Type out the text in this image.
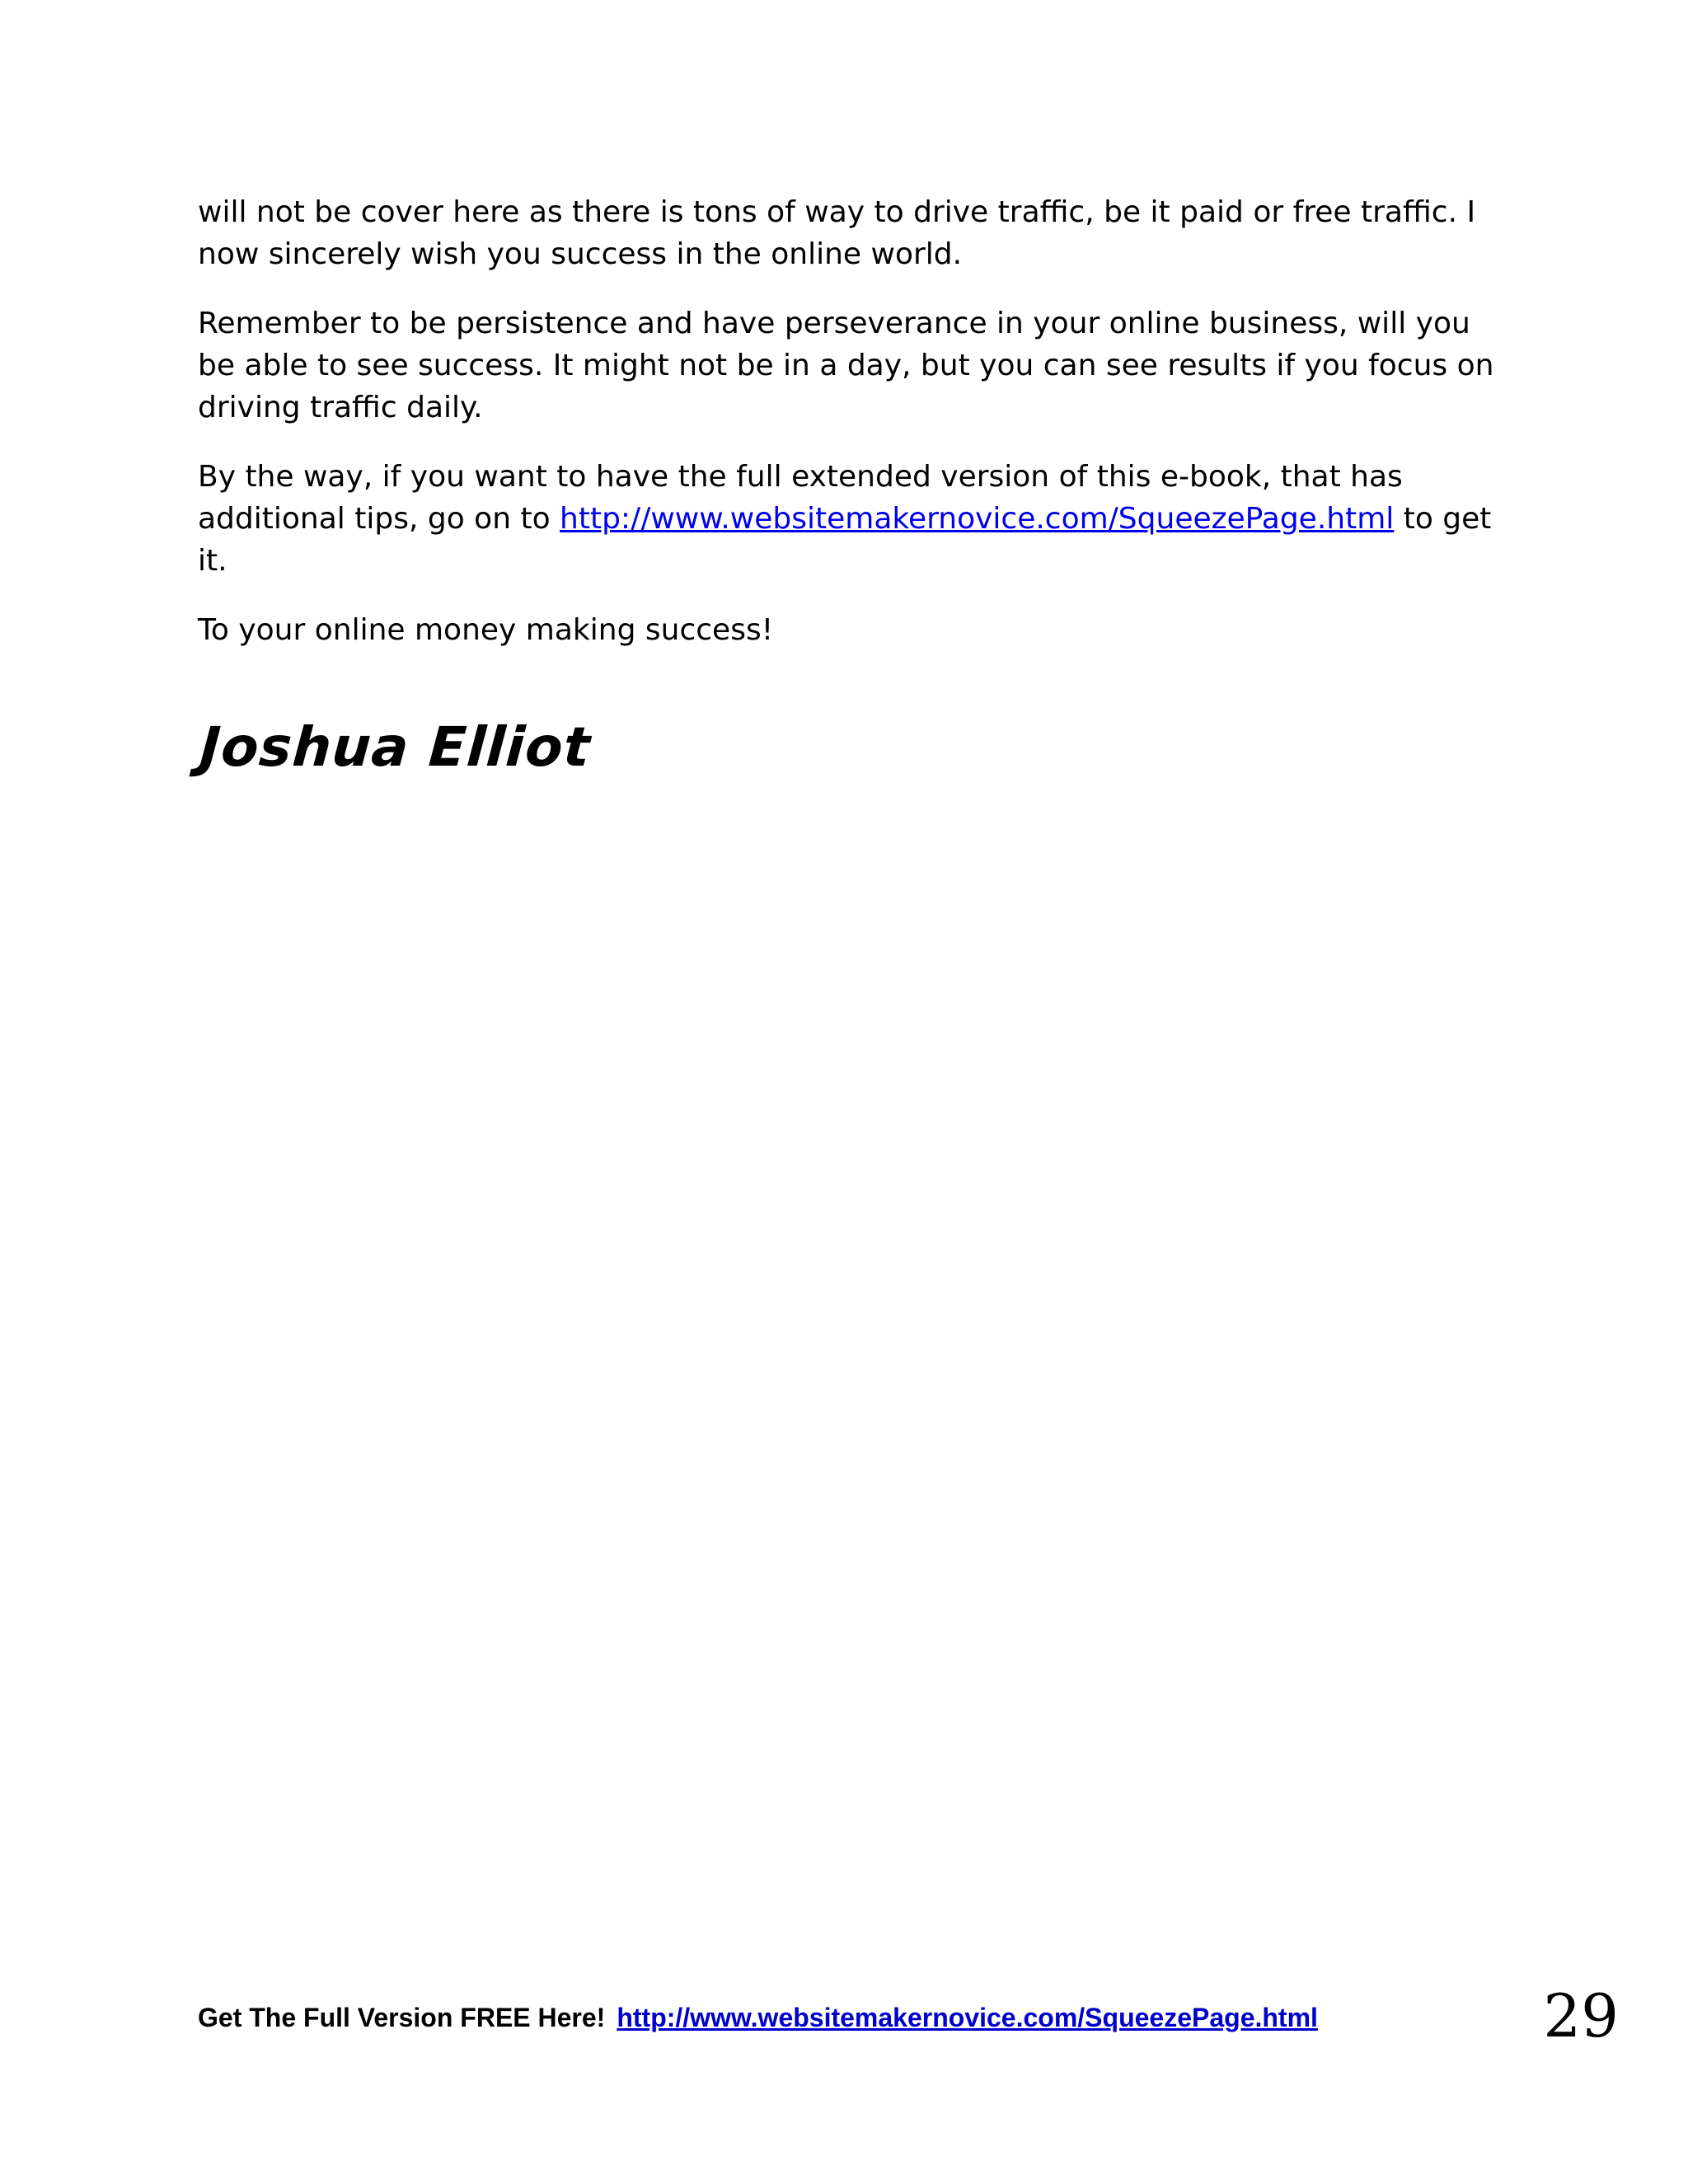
will not be cover here as there is tons of way to drive traffic, be it paid or free traffic. I now sincerely wish you success in the online world.

Remember to be persistence and have perseverance in your online business, will you be able to see success. It might not be in a day, but you can see results if you focus on driving traffic daily.

By the way, if you want to have the full extended version of this e-book, that has additional tips, go on to http://www.websitemakernovice.com/SqueezePage.html to get it.

To your online money making success!

Joshua Elliot
Get The Full Version FREE Here! http://www.websitemakernovice.com/SqueezePage.html	29
